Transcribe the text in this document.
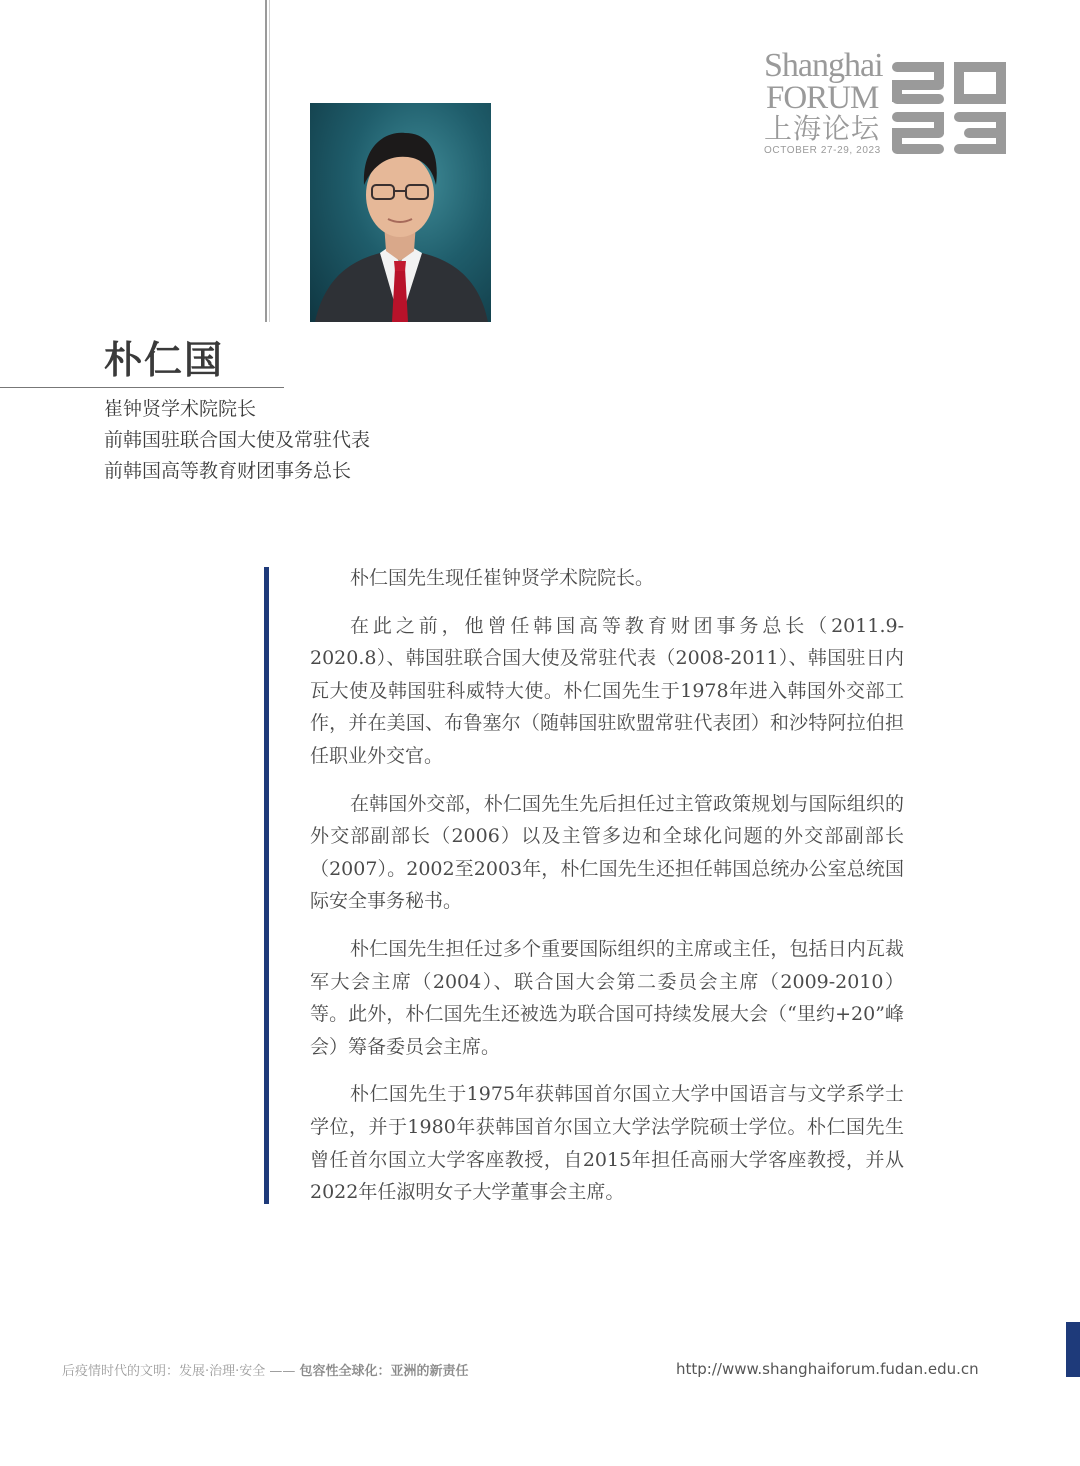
Shanghai
FORUM
上海论坛
OCTOBER 27-29, 2023
朴仁国
崔钟贤学术院院长
前韩国驻联合国大使及常驻代表
前韩国高等教育财团事务总长

朴仁国先生现任崔钟贤学术院院长。

在此之前，他曾任韩国高等教育财团事务总长（2011.9-2020.8）、韩国驻联合国大使及常驻代表（2008-2011）、韩国驻日内瓦大使及韩国驻科威特大使。朴仁国先生于1978年进入韩国外交部工作，并在美国、布鲁塞尔（随韩国驻欧盟常驻代表团）和沙特阿拉伯担任职业外交官。

在韩国外交部，朴仁国先生先后担任过主管政策规划与国际组织的外交部副部长（2006）以及主管多边和全球化问题的外交部副部长（2007）。2002至2003年，朴仁国先生还担任韩国总统办公室总统国际安全事务秘书。

朴仁国先生担任过多个重要国际组织的主席或主任，包括日内瓦裁军大会主席（2004）、联合国大会第二委员会主席（2009-2010）等。此外，朴仁国先生还被选为联合国可持续发展大会（“里约+20”峰会）筹备委员会主席。

朴仁国先生于1975年获韩国首尔国立大学中国语言与文学系学士学位，并于1980年获韩国首尔国立大学法学院硕士学位。朴仁国先生曾任首尔国立大学客座教授，自2015年担任高丽大学客座教授，并从2022年任淑明女子大学董事会主席。

后疫情时代的文明：发展·治理·安全 —— 包容性全球化：亚洲的新责任	http://www.shanghaiforum.fudan.edu.cn
